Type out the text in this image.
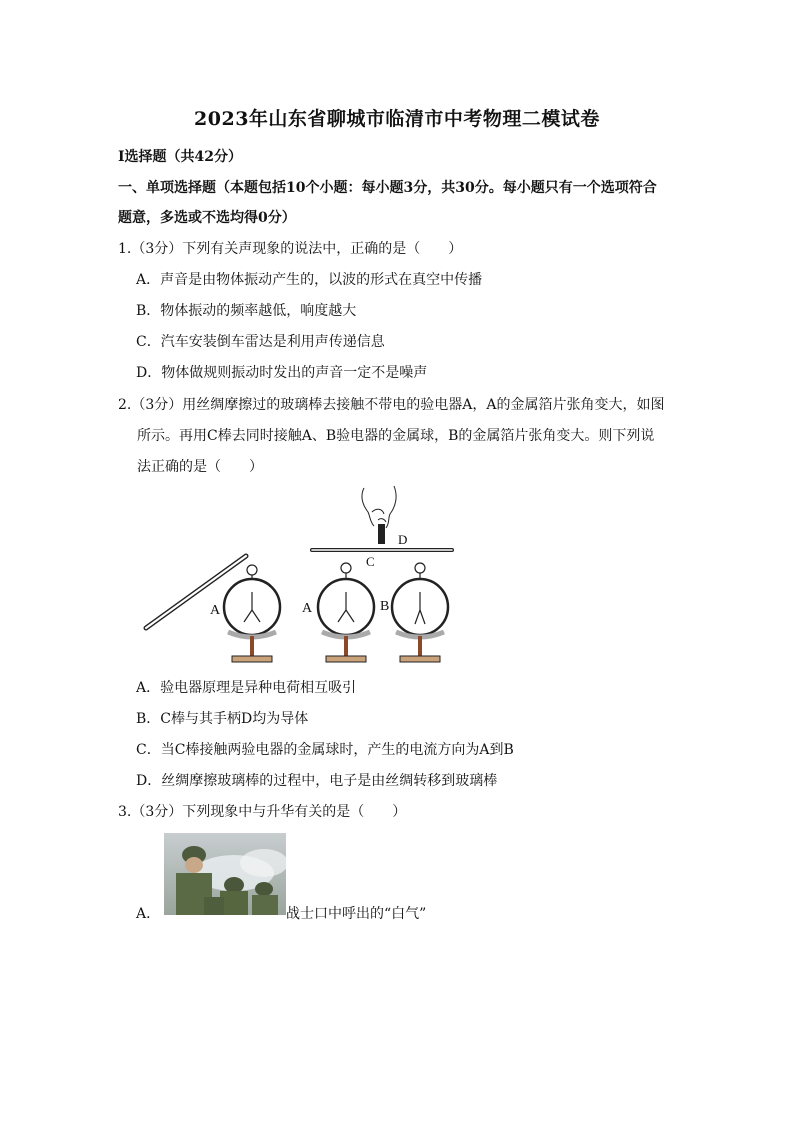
2023年山东省聊城市临清市中考物理二模试卷
Ⅰ选择题（共42分）
一、单项选择题（本题包括10个小题：每小题3分，共30分。每小题只有一个选项符合
题意，多选或不选均得0分）
1.（3分）下列有关声现象的说法中，正确的是（　　）
A．声音是由物体振动产生的，以波的形式在真空中传播
B．物体振动的频率越低，响度越大
C．汽车安装倒车雷达是利用声传递信息
D．物体做规则振动时发出的声音一定不是噪声
2.（3分）用丝绸摩擦过的玻璃棒去接触不带电的验电器A，A的金属箔片张角变大，如图
所示。再用C棒去同时接触A、B验电器的金属球，B的金属箔片张角变大。则下列说
法正确的是（　　）
A	A	B
C
D
A．验电器原理是异种电荷相互吸引
B．C棒与其手柄D均为导体
C．当C棒接触两验电器的金属球时，产生的电流方向为A到B
D．丝绸摩擦玻璃棒的过程中，电子是由丝绸转移到玻璃棒
3.（3分）下列现象中与升华有关的是（　　）
A．	战士口中呼出的“白气”
